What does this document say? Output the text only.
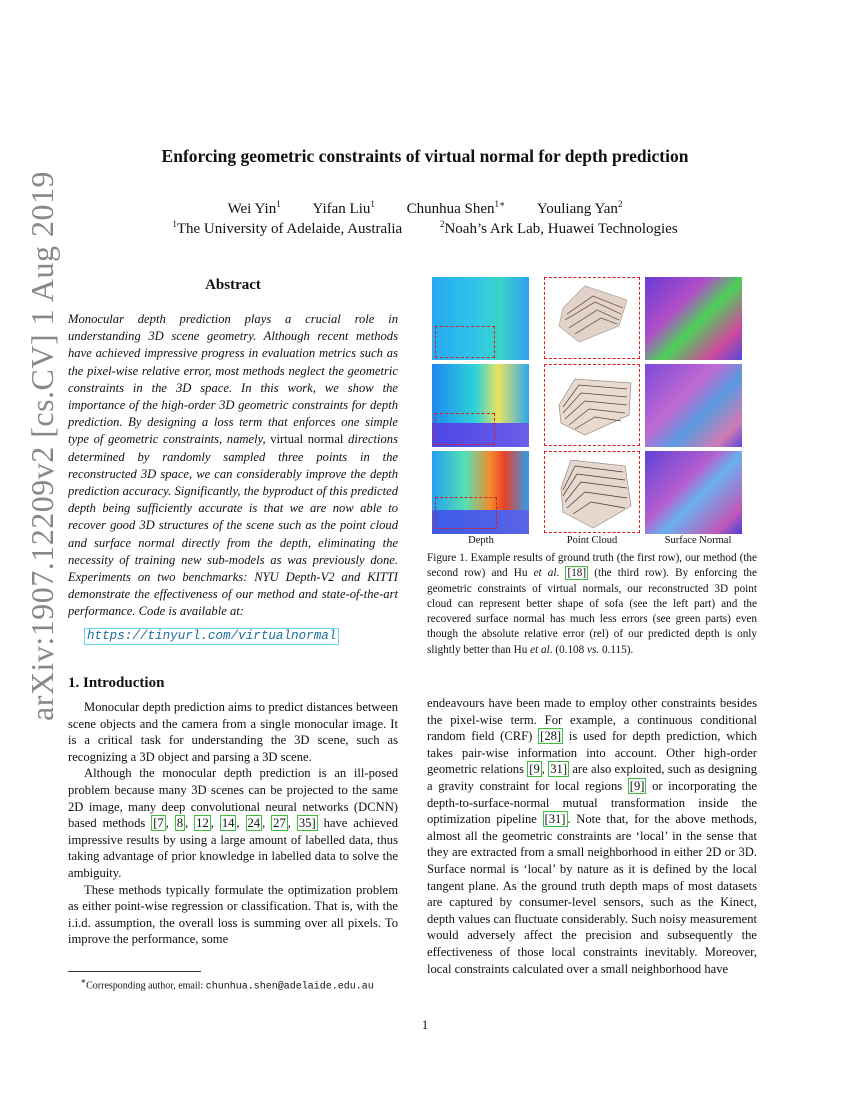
arXiv:1907.12209v2 [cs.CV] 1 Aug 2019
Enforcing geometric constraints of virtual normal for depth prediction
Wei Yin$^1$ Yifan Liu$^1$ Chunhua Shen$^{1∗}$ Youliang Yan$^2$
$^1$The University of Adelaide, Australia	$^2$Noah’s Ark Lab, Huawei Technologies
Abstract
Monocular depth prediction plays a crucial role in understanding 3D scene geometry. Although recent methods have achieved impressive progress in evaluation metrics such as the pixel-wise relative error, most methods neglect the geometric constraints in the 3D space. In this work, we show the importance of the high-order 3D geometric constraints for depth prediction. By designing a loss term that enforces one simple type of geometric constraints, namely, virtual normal directions determined by randomly sampled three points in the reconstructed 3D space, we can considerably improve the depth prediction accuracy. Significantly, the byproduct of this predicted depth being sufficiently accurate is that we are now able to recover good 3D structures of the scene such as the point cloud and surface normal directly from the depth, eliminating the necessity of training new sub-models as was previously done. Experiments on two benchmarks: NYU Depth-V2 and KITTI demonstrate the effectiveness of our method and state-of-the-art performance. Code is available at:
https://tinyurl.com/virtualnormal
1. Introduction

Monocular depth prediction aims to predict distances between scene objects and the camera from a single monocular image. It is a critical task for understanding the 3D scene, such as recognizing a 3D object and parsing a 3D scene.

Although the monocular depth prediction is an ill-posed problem because many 3D scenes can be projected to the same 2D image, many deep convolutional neural networks (DCNN) based methods [7 , 8 , 12 , 14 , 24 , 27 , 35] have achieved impressive results by using a large amount of labelled data, thus taking advantage of prior knowledge in labelled data to solve the ambiguity.

These methods typically formulate the optimization problem as either point-wise regression or classification. That is, with the i.i.d. assumption, the overall loss is summing over all pixels. To improve the performance, some

∗Corresponding author, email: chunhua.shen@adelaide.edu.au
Depth	Point Cloud	Surface Normal
Figure 1. Example results of ground truth (the first row), our method (the second row) and Hu et al. [18] (the third row). By enforcing the geometric constraints of virtual normals, our reconstructed 3D point cloud can represent better shape of sofa (see the left part) and the recovered surface normal has much less errors (see green parts) even though the absolute relative error (rel) of our predicted depth is only slightly better than Hu et al. (0.108 vs. 0.115).

endeavours have been made to employ other constraints besides the pixel-wise term. For example, a continuous conditional random field (CRF) [28] is used for depth prediction, which takes pair-wise information into account. Other high-order geometric relations [9 , 31] are also exploited, such as designing a gravity constraint for local regions [9] or incorporating the depth-to-surface-normal mutual transformation inside the optimization pipeline [31] . Note that, for the above methods, almost all the geometric constraints are ‘local’ in the sense that they are extracted from a small neighborhood in either 2D or 3D. Surface normal is ‘local’ by nature as it is defined by the local tangent plane. As the ground truth depth maps of most datasets are captured by consumer-level sensors, such as the Kinect, depth values can fluctuate considerably. Such noisy measurement would adversely affect the precision and subsequently the effectiveness of those local constraints inevitably. Moreover, local constraints calculated over a small neighborhood have

1
